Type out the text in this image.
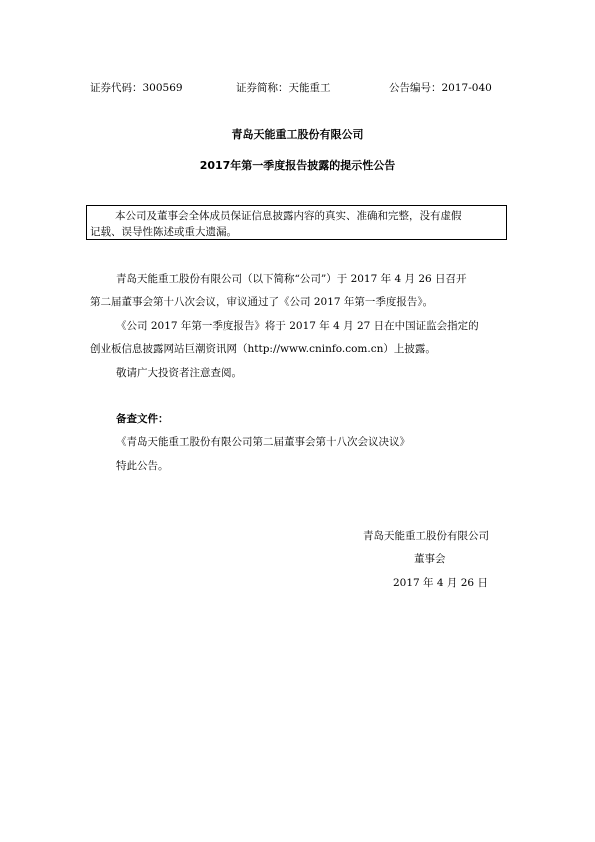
证券代码：300569	证券简称：天能重工	公告编号：2017-040
青岛天能重工股份有限公司
2017年第一季度报告披露的提示性公告
本公司及董事会全体成员保证信息披露内容的真实、准确和完整，没有虚假
记载、误导性陈述或重大遗漏。
青岛天能重工股份有限公司（以下简称“公司”）于 2017 年 4 月 26 日召开
第二届董事会第十八次会议，审议通过了《公司 2017 年第一季度报告》。
《公司 2017 年第一季度报告》将于 2017 年 4 月 27 日在中国证监会指定的
创业板信息披露网站巨潮资讯网（http://www.cninfo.com.cn）上披露。
敬请广大投资者注意查阅。
备查文件：
《青岛天能重工股份有限公司第二届董事会第十八次会议决议》
特此公告。
青岛天能重工股份有限公司
董事会
2017 年 4 月 26 日
